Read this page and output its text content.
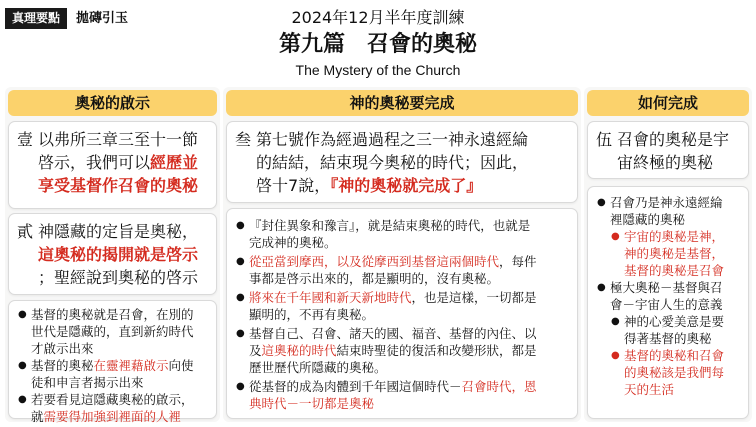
真理要點	拋磚引玉	2024年12月半年度訓練
第九篇　召會的奧秘
The Mystery of the Church
奧秘的啟示
壹 以弗所三章三至十一節
啓示，我們可以經歷並
享受基督作召會的奧秘
貳 神隱藏的定旨是奧秘，
這奧秘的揭開就是啓示
；聖經說到奧秘的啓示
● 基督的奧秘就是召會，在別的
世代是隱藏的，直到新約時代
才啟示出來
● 基督的奧秘在靈裡藉啟示向使
徒和申言者揭示出來
● 若要看見這隱藏奧秘的啟示，
就需要得加強到裡面的人裡
神的奧秘要完成
叁 第七號作為經過過程之三一神永遠經綸
的結結，結束現今奧秘的時代；因此，
啓十7說，『神的奧秘就完成了』
● 『封住異象和豫言』，就是結束奧秘的時代，也就是
完成神的奧秘。
● 從亞當到摩西，以及從摩西到基督這兩個時代，每件
事都是啓示出來的，都是顯明的，沒有奧秘。
● 將來在千年國和新天新地時代，也是這樣，一切都是
顯明的，不再有奧秘。
● 基督自己、召會、諸天的國、福音、基督的內住、以
及這奧秘的時代結束時聖徒的復活和改變形狀，都是
歷世歷代所隱藏的奧秘。
● 從基督的成為肉體到千年國這個時代－召會時代，恩
典時代－一切都是奧秘
如何完成
伍 召會的奧秘是宇
宙終極的奧秘
● 召會乃是神永遠經綸
裡隱藏的奧秘
● 宇宙的奧秘是神，
神的奧秘是基督，
基督的奧秘是召會
● 極大奧秘－基督與召
會－宇宙人生的意義
● 神的心愛美意是要
得著基督的奧秘
● 基督的奧秘和召會
的奧秘該是我們每
天的生活
